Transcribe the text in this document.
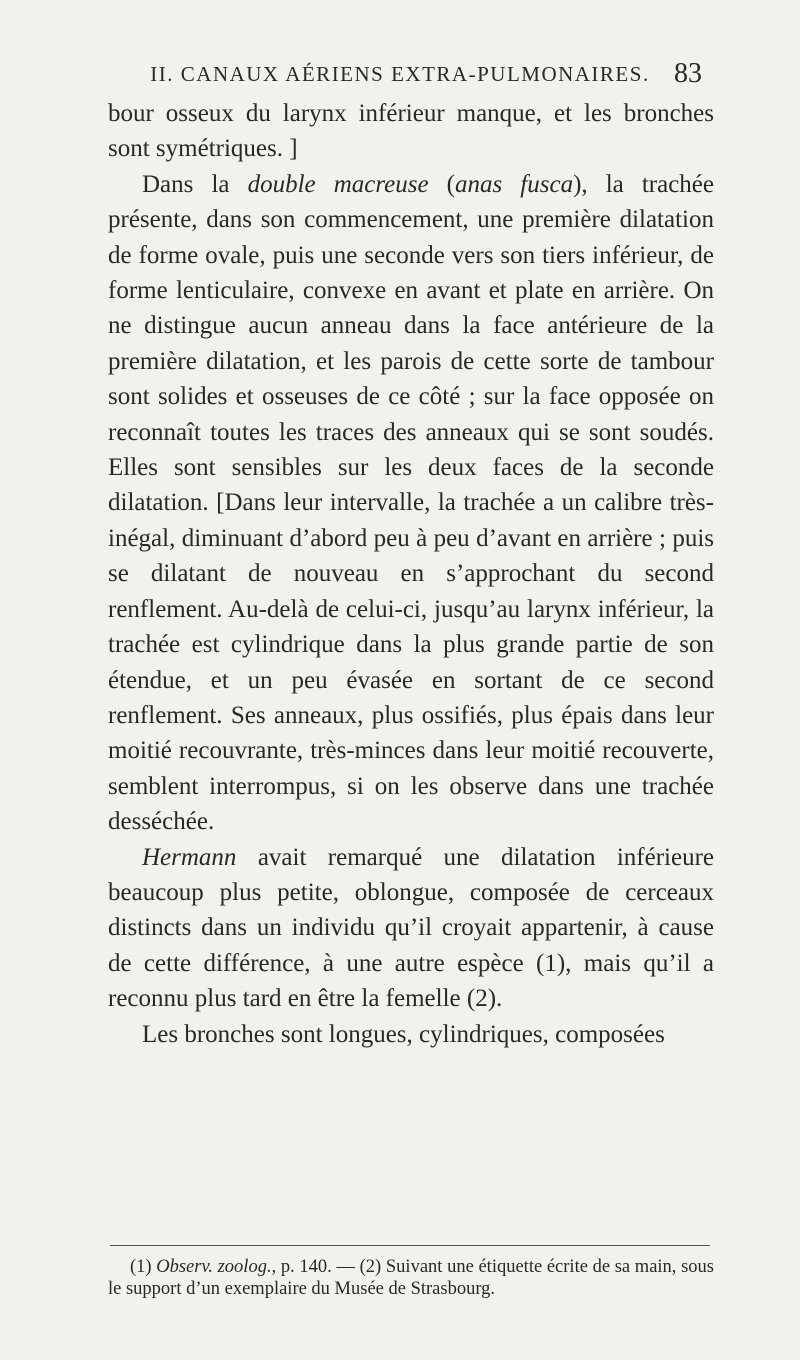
II. CANAUX AÉRIENS EXTRA-PULMONAIRES. 83

bour osseux du larynx inférieur manque, et les bronches sont symétriques. ]

Dans la double macreuse (anas fusca), la trachée présente, dans son commencement, une première dilatation de forme ovale, puis une seconde vers son tiers inférieur, de forme lenticulaire, convexe en avant et plate en arrière. On ne distingue aucun anneau dans la face antérieure de la première dilatation, et les parois de cette sorte de tambour sont solides et osseuses de ce côté ; sur la face opposée on reconnaît toutes les traces des anneaux qui se sont soudés. Elles sont sensibles sur les deux faces de la seconde dilatation. [Dans leur intervalle, la trachée a un calibre très-inégal, diminuant d’abord peu à peu d’avant en arrière ; puis se dilatant de nouveau en s’approchant du second renflement. Au-delà de celui-ci, jusqu’au larynx inférieur, la trachée est cylindrique dans la plus grande partie de son étendue, et un peu évasée en sortant de ce second renflement. Ses anneaux, plus ossifiés, plus épais dans leur moitié recouvrante, très-minces dans leur moitié recouverte, semblent interrompus, si on les observe dans une trachée desséchée.

Hermann avait remarqué une dilatation inférieure beaucoup plus petite, oblongue, composée de cerceaux distincts dans un individu qu’il croyait appartenir, à cause de cette différence, à une autre espèce (1), mais qu’il a reconnu plus tard en être la femelle (2).

Les bronches sont longues, cylindriques, composées

(1) Observ. zoolog., p. 140. — (2) Suivant une étiquette écrite de sa main, sous le support d’un exemplaire du Musée de Strasbourg.
